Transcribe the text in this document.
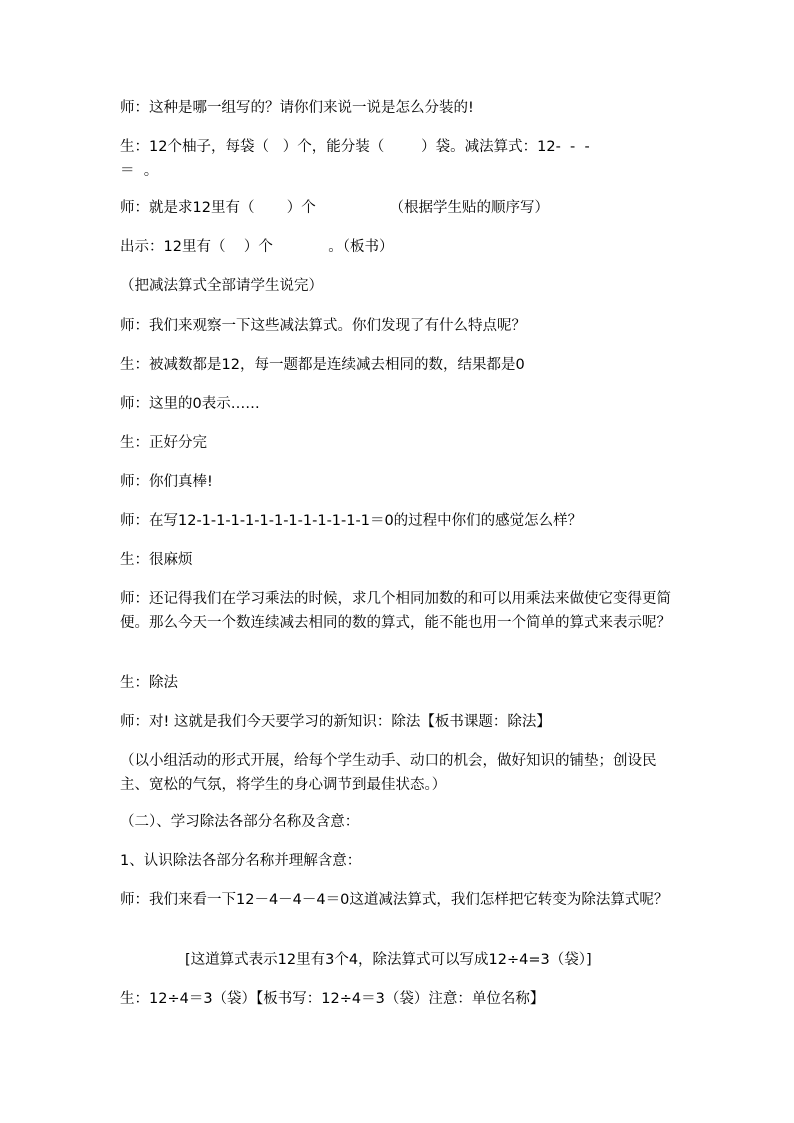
师：这种是哪一组写的？请你们来说一说是怎么分装的!

生：12个柚子，每袋（   ）个，能分装（        ）袋。减法算式：12-  -  -
＝  。

师：就是求12里有（       ）个                （根据学生贴的顺序写）

出示：12里有（    ）个            。（板书）

（把减法算式全部请学生说完）

师：我们来观察一下这些减法算式。你们发现了有什么特点呢？

生：被减数都是12，每一题都是连续减去相同的数，结果都是0

师：这里的0表示……

生：正好分完

师：你们真棒!

师：在写12-1-1-1-1-1-1-1-1-1-1-1-1＝0的过程中你们的感觉怎么样？

生：很麻烦

师：还记得我们在学习乘法的时候，求几个相同加数的和可以用乘法来做使它变得更简便。那么今天一个数连续减去相同的数的算式，能不能也用一个简单的算式来表示呢？

生：除法

师：对! 这就是我们今天要学习的新知识：除法【板书课题：除法】

（以小组活动的形式开展，给每个学生动手、动口的机会，做好知识的铺垫；创设民主、宽松的气氛，将学生的身心调节到最佳状态。）

（二）、学习除法各部分名称及含意：

1、认识除法各部分名称并理解含意：

师：我们来看一下12－4－4－4＝0这道减法算式，我们怎样把它转变为除法算式呢？

[这道算式表示12里有3个4，除法算式可以写成12÷4=3（袋）]

生：12÷4＝3（袋）【板书写：12÷4＝3（袋）注意：单位名称】
